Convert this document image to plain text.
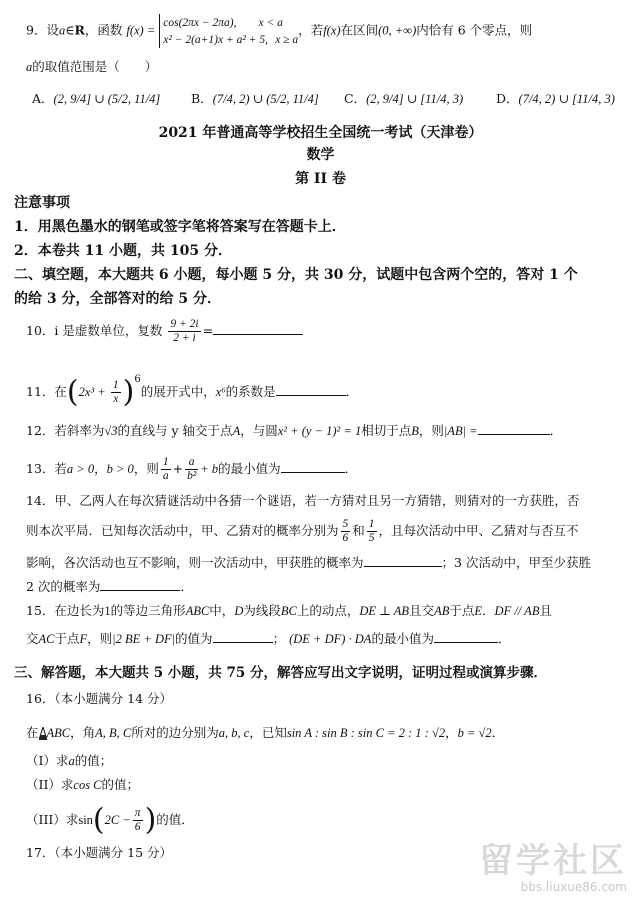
9．设a∈R，函数 f(x) =
cos(2πx − 2πa), x < a
x² − 2(a+1)x + a² + 5, x ≥ a
，若f(x)在区间(0, +∞)内恰有 6 个零点，则
a的取值范围是（　　）
A．(2, 9/4] ∪ (5/2, 11/4] B．(7/4, 2) ∪ (5/2, 11/4] C．(2, 9/4] ∪ [11/4, 3)	D．(7/4, 2) ∪ [11/4, 3)
2021 年普通高等学校招生全国统一考试（天津卷）
数学
第 II 卷
注意事项
1．用黑色墨水的钢笔或签字笔将答案写在答题卡上．
2．本卷共 11 小题，共 105 分．
二、填空题，本大题共 6 小题，每小题 5 分，共 30 分，试题中包含两个空的，答对 1 个
的给 3 分，全部答对的给 5 分．
10．i 是虚数单位，复数 $\frac{9 + 2i}{2 + i}$ =
11．在$(2x^3 + \frac{1}{x} )^6$的展开式中，x⁶的系数是	．
12．若斜率为√3的直线与 y 轴交于点A，与圆x² + (y − 1)² = 1相切于点B，则|AB| =	．
13．若a > 0，b > 0，则 $\frac{1}{a} + \frac{a}{\text{b²}} + b$的最小值为	．
14．甲、乙两人在每次猜谜活动中各猜一个谜语，若一方猜对且另一方猜错，则猜对的一方获胜，否
则本次平局．已知每次活动中，甲、乙猜对的概率分别为 $\frac{5}{6}$ 和 $\frac{1}{5}$ ，且每次活动中甲、乙猜对与否互不
影响，各次活动也互不影响，则一次活动中，甲获胜的概率为	；3 次活动中，甲至少获胜
2 次的概率为	．
15．在边长为1的等边三角形ABC中，D为线段BC上的动点，DE ⊥ AB且交AB于点E．DF // AB且
交AC于点F，则|2 BE + DF|的值为	； (DE + DF) · DA的最小值为	．
三、解答题，本大题共 5 小题，共 75 分，解答应写出文字说明，证明过程或演算步骤．
16．（本小题满分 14 分）
在 ABC，角A, B, C所对的边分别为a, b, c，已知sin A : sin B : sin C = 2 : 1 : √2，b = √2．
（I）求a的值；
（II）求cos C的值；
（III）求$\sin(2C - \frac{\pi}{6}$ )的值．
17．（本小题满分 15 分）	留学社区
bbs.liuxue86.com
